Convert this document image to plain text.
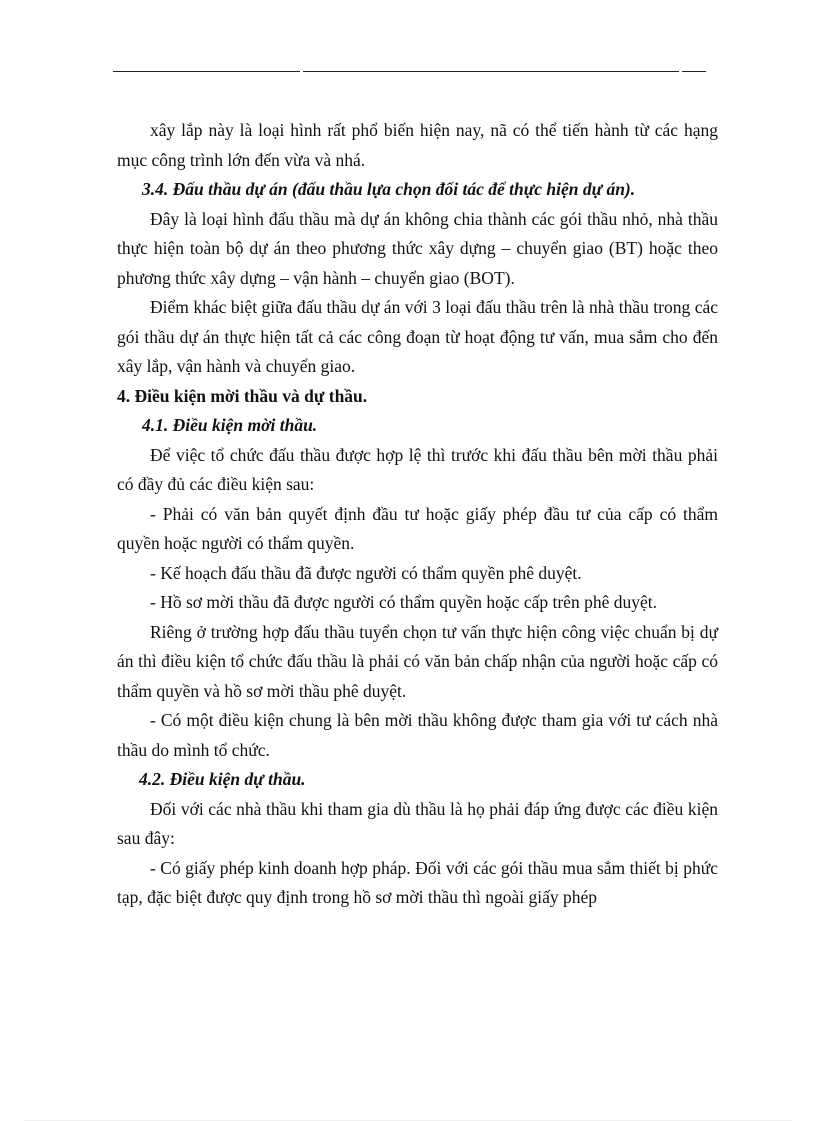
xây lắp này là loại hình rất phổ biến hiện nay, nã có thể tiến hành từ các hạng mục công trình lớn đến vừa và nhá.

3.4. Đấu thầu dự án (đấu thầu lựa chọn đối tác để thực hiện dự án).

Đây là loại hình đấu thầu mà dự án không chia thành các gói thầu nhỏ, nhà thầu thực hiện toàn bộ dự án theo phương thức xây dựng – chuyển giao (BT) hoặc theo phương thức xây dựng – vận hành – chuyển giao (BOT).

Điểm khác biệt giữa đấu thầu dự án với 3 loại đấu thầu trên là nhà thầu trong các gói thầu dự án thực hiện tất cả các công đoạn từ hoạt động tư vấn, mua sắm cho đến xây lắp, vận hành và chuyển giao.

4. Điều kiện mời thầu và dự thầu.

4.1. Điều kiện mời thầu.

Để việc tổ chức đấu thầu được hợp lệ thì trước khi đấu thầu bên mời thầu phải có đầy đủ các điều kiện sau:

- Phải có văn bản quyết định đầu tư hoặc giấy phép đầu tư của cấp có thẩm quyền hoặc người có thẩm quyền.

- Kế hoạch đấu thầu đã được người có thẩm quyền phê duyệt.

- Hồ sơ mời thầu đã được người có thẩm quyền hoặc cấp trên phê duyệt.

Riêng ở trường hợp đấu thầu tuyển chọn tư vấn thực hiện công việc chuẩn bị dự án thì điều kiện tổ chức đấu thầu là phải có văn bản chấp nhận của người hoặc cấp có thẩm quyền và hồ sơ mời thầu phê duyệt.

- Có một điều kiện chung là bên mời thầu không được tham gia với tư cách nhà thầu do mình tổ chức.

4.2. Điều kiện dự thầu.

Đối với các nhà thầu khi tham gia dù thầu là họ phải đáp ứng được các điều kiện sau đây:

- Có giấy phép kinh doanh hợp pháp. Đối với các gói thầu mua sắm thiết bị phức tạp, đặc biệt được quy định trong hồ sơ mời thầu thì ngoài giấy phép
